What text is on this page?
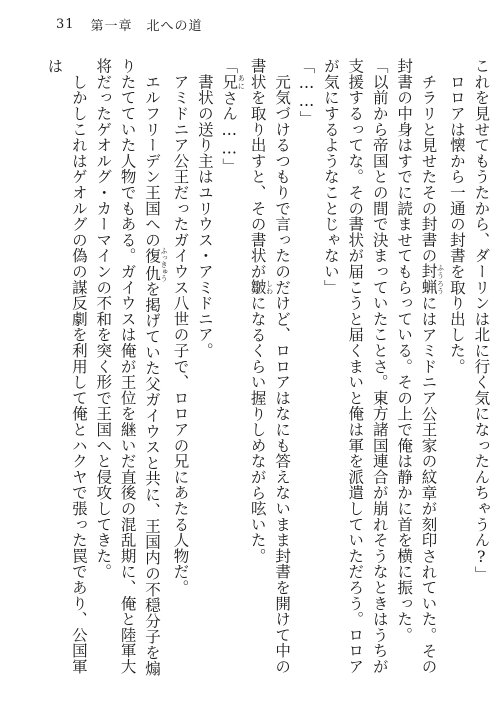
31 第一章　北への道
これを見せてもうたから、ダーリンは北に行く気になったんちゃうん?」
　ロロアは懐から一通の封書を取り出した。
　チラリと見せたその封書の封蝋 ふうろうにはアミドニア公王家の紋章が刻印されていた。その封書の中身はすでに読ませてもらっている。その上で俺は静かに首を横に振った。
「以前から帝国との間で決まっていたことさ。東方諸国連合が崩れそうなときはうちが支援するってな。その書状が届こうと届くまいと俺は軍を派遣していただろう。ロロアが気にするようなことじゃない」
「……」
　元気づけるつもりで言ったのだけど、ロロアはなにも答えないまま封書を開けて中の書状を取り出すと、その書状が皺 しわになるくらい握りしめながら呟いた。
「兄 あにさん……」
　書状の送り主はユリウス・アミドニア。
　アミドニア公王だったガイウス八世の子で、ロロアの兄にあたる人物だ。
　エルフリーデン王国への復仇 ふっきゅうを掲げていた父ガイウスと共に、王国内の不穏分子を煽りたてていた人物でもある。ガイウスは俺が王位を継いだ直後の混乱期に、俺と陸軍大将だったゲオルグ・カーマインの不和を突く形で王国へと侵攻してきた。
　しかしこれはゲオルグの偽の謀反劇を利用して俺とハクヤで張った罠であり、公国軍は
